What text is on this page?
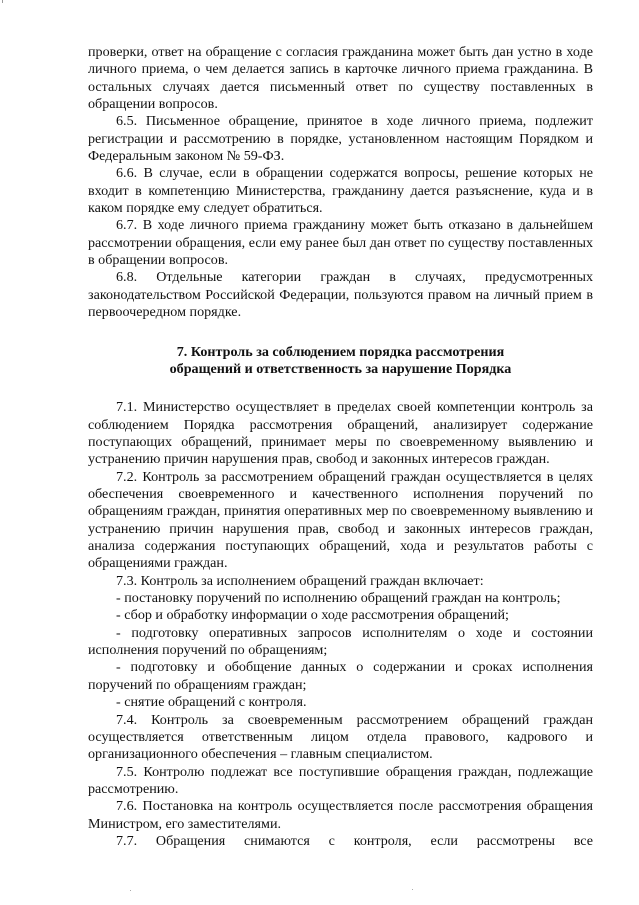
проверки, ответ на обращение с согласия гражданина может быть дан устно в ходе личного приема, о чем делается запись в карточке личного приема гражданина. В остальных случаях дается письменный ответ по существу поставленных в обращении вопросов.

6.5. Письменное обращение, принятое в ходе личного приема, подлежит регистрации и рассмотрению в порядке, установленном настоящим Порядком и Федеральным законом № 59-ФЗ.

6.6. В случае, если в обращении содержатся вопросы, решение которых не входит в компетенцию Министерства, гражданину дается разъяснение, куда и в каком порядке ему следует обратиться.

6.7. В ходе личного приема гражданину может быть отказано в дальнейшем рассмотрении обращения, если ему ранее был дан ответ по существу поставленных в обращении вопросов.

6.8. Отдельные категории граждан в случаях, предусмотренных законодательством Российской Федерации, пользуются правом на личный прием в первоочередном порядке.

7. Контроль за соблюдением порядка рассмотрения
обращений и ответственность за нарушение Порядка

7.1. Министерство осуществляет в пределах своей компетенции контроль за соблюдением Порядка рассмотрения обращений, анализирует содержание поступающих обращений, принимает меры по своевременному выявлению и устранению причин нарушения прав, свобод и законных интересов граждан.

7.2. Контроль за рассмотрением обращений граждан осуществляется в целях обеспечения своевременного и качественного исполнения поручений по обращениям граждан, принятия оперативных мер по своевременному выявлению и устранению причин нарушения прав, свобод и законных интересов граждан, анализа содержания поступающих обращений, хода и результатов работы с обращениями граждан.

7.3. Контроль за исполнением обращений граждан включает:

- постановку поручений по исполнению обращений граждан на контроль;

- сбор и обработку информации о ходе рассмотрения обращений;

- подготовку оперативных запросов исполнителям о ходе и состоянии исполнения поручений по обращениям;

- подготовку и обобщение данных о содержании и сроках исполнения поручений по обращениям граждан;

- снятие обращений с контроля.

7.4. Контроль за своевременным рассмотрением обращений граждан осуществляется ответственным лицом отдела правового, кадрового и организационного обеспечения – главным специалистом.

7.5. Контролю подлежат все поступившие обращения граждан, подлежащие рассмотрению.

7.6. Постановка на контроль осуществляется после рассмотрения обращения Министром, его заместителями.

7.7. Обращения снимаются с контроля, если рассмотрены все
